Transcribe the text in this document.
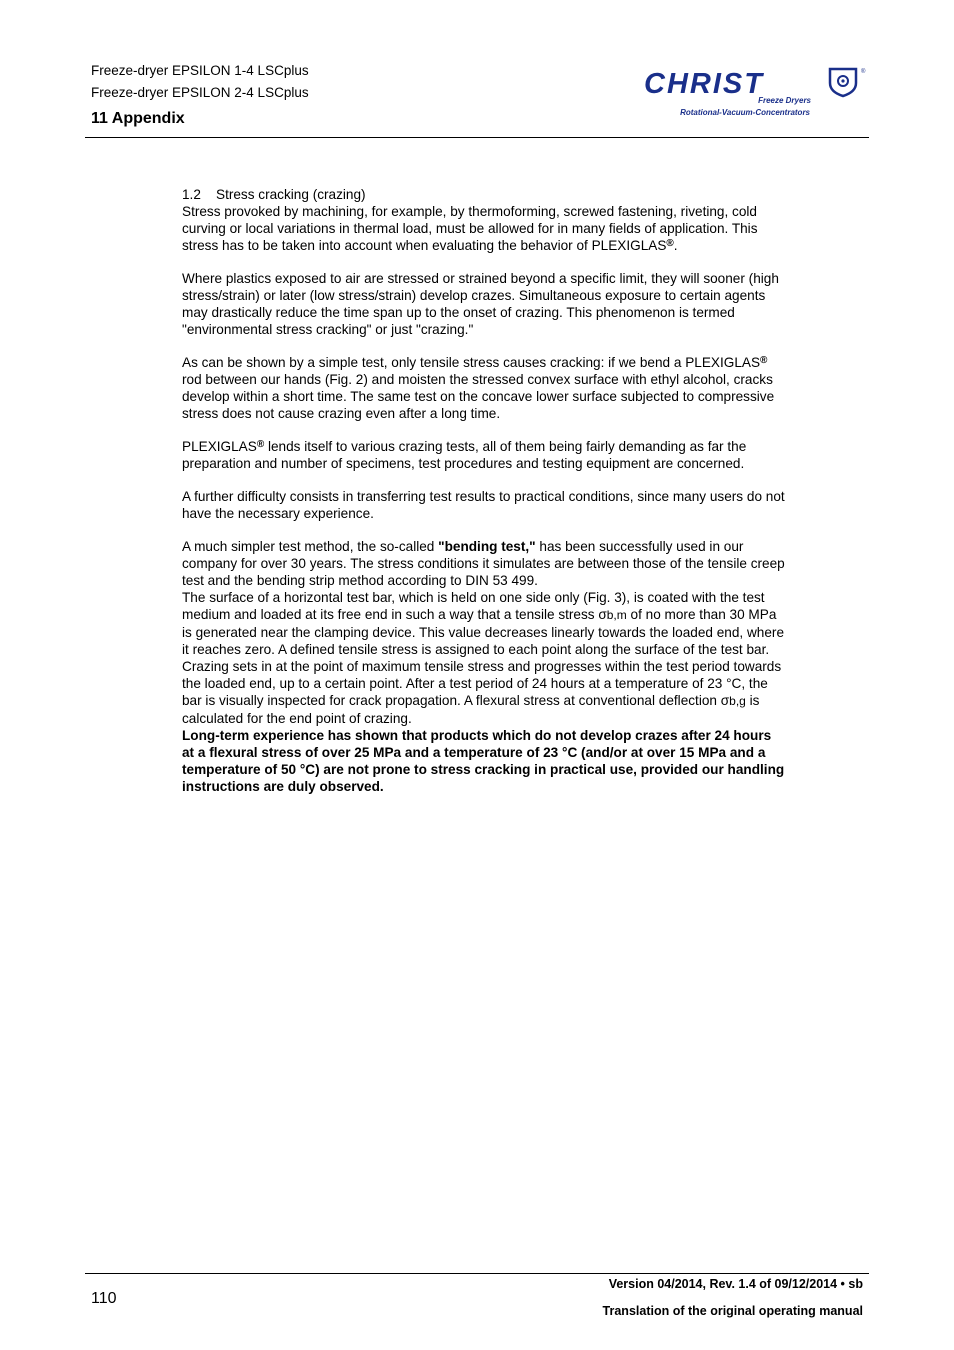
Freeze-dryer EPSILON 1-4 LSCplus
Freeze-dryer EPSILON 2-4 LSCplus
11 Appendix
CHRIST	®
Freeze Dryers
Rotational-Vacuum-Concentrators
1.2 Stress cracking (crazing)

Stress provoked by machining, for example, by thermoforming, screwed fastening, riveting, cold curving or local variations in thermal load, must be allowed for in many fields of application. This stress has to be taken into account when evaluating the behavior of PLEXIGLAS®.

Where plastics exposed to air are stressed or strained beyond a specific limit, they will sooner (high stress/strain) or later (low stress/strain) develop crazes. Simultaneous exposure to certain agents may drastically reduce the time span up to the onset of crazing. This phenomenon is termed "environmental stress cracking" or just "crazing."

As can be shown by a simple test, only tensile stress causes cracking: if we bend a PLEXIGLAS® rod between our hands (Fig. 2) and moisten the stressed convex surface with ethyl alcohol, cracks develop within a short time. The same test on the concave lower surface subjected to compressive stress does not cause crazing even after a long time.

PLEXIGLAS® lends itself to various crazing tests, all of them being fairly demanding as far the preparation and number of specimens, test procedures and testing equipment are concerned.

A further difficulty consists in transferring test results to practical conditions, since many users do not have the necessary experience.

A much simpler test method, the so-called "bending test," has been successfully used in our company for over 30 years. The stress conditions it simulates are between those of the tensile creep test and the bending strip method according to DIN 53 499.

The surface of a horizontal test bar, which is held on one side only (Fig. 3), is coated with the test medium and loaded at its free end in such a way that a tensile stress σb,m of no more than 30 MPa is generated near the clamping device. This value decreases linearly towards the loaded end, where it reaches zero. A defined tensile stress is assigned to each point along the surface of the test bar. Crazing sets in at the point of maximum tensile stress and progresses within the test period towards the loaded end, up to a certain point. After a test period of 24 hours at a temperature of 23 °C, the bar is visually inspected for crack propagation. A flexural stress at conventional deflection σb,g is calculated for the end point of crazing.

Long-term experience has shown that products which do not develop crazes after 24 hours at a flexural stress of over 25 MPa and a temperature of 23 °C (and/or at over 15 MPa and a temperature of 50 °C) are not prone to stress cracking in practical use, provided our handling instructions are duly observed.

110
Version 04/2014, Rev. 1.4 of 09/12/2014 • sb
Translation of the original operating manual
